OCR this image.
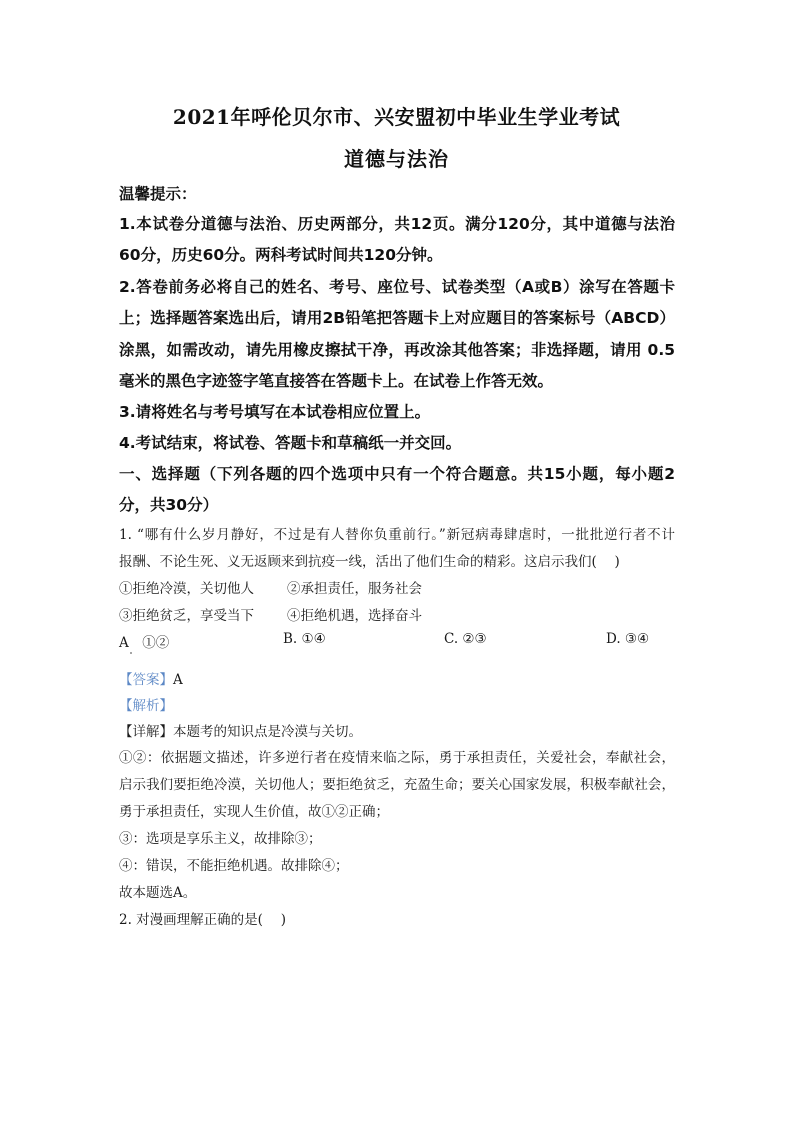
2021年呼伦贝尔市、兴安盟初中毕业生学业考试
道德与法治
温馨提示：
1.本试卷分道德与法治、历史两部分，共12页。满分120分，其中道德与法治
60分，历史60分。两科考试时间共120分钟。
2.答卷前务必将自己的姓名、考号、座位号、试卷类型（A或B）涂写在答题卡
上；选择题答案选出后，请用2B铅笔把答题卡上对应题目的答案标号（ABCD）
涂黑，如需改动，请先用橡皮擦拭干净，再改涂其他答案；非选择题，请用 0.5
毫米的黑色字迹签字笔直接答在答题卡上。在试卷上作答无效。
3.请将姓名与考号填写在本试卷相应位置上。
4.考试结束，将试卷、答题卡和草稿纸一并交回。
一、选择题（下列各题的四个选项中只有一个符合题意。共15小题，每小题2
分，共30分）
1. “哪有什么岁月静好，不过是有人替你负重前行。”新冠病毒肆虐时，一批批逆行者不计
报酬、不论生死、义无返顾来到抗疫一线，活出了他们生命的精彩。这启示我们(　 )
①拒绝冷漠，关切他人 ②承担责任，服务社会
③拒绝贫乏，享受当下 ④拒绝机遇，选择奋斗
A　①②	B. ①④	C. ②③	D. ③④
【答案】A
【解析】
【详解】本题考的知识点是冷漠与关切。
①②：依据题文描述，许多逆行者在疫情来临之际，勇于承担责任，关爱社会，奉献社会，
启示我们要拒绝冷漠，关切他人；要拒绝贫乏，充盈生命；要关心国家发展，积极奉献社会，
勇于承担责任，实现人生价值，故①②正确；
③：选项是享乐主义，故排除③；
④：错误，不能拒绝机遇。故排除④；
故本题选A。
2. 对漫画理解正确的是(　 )
